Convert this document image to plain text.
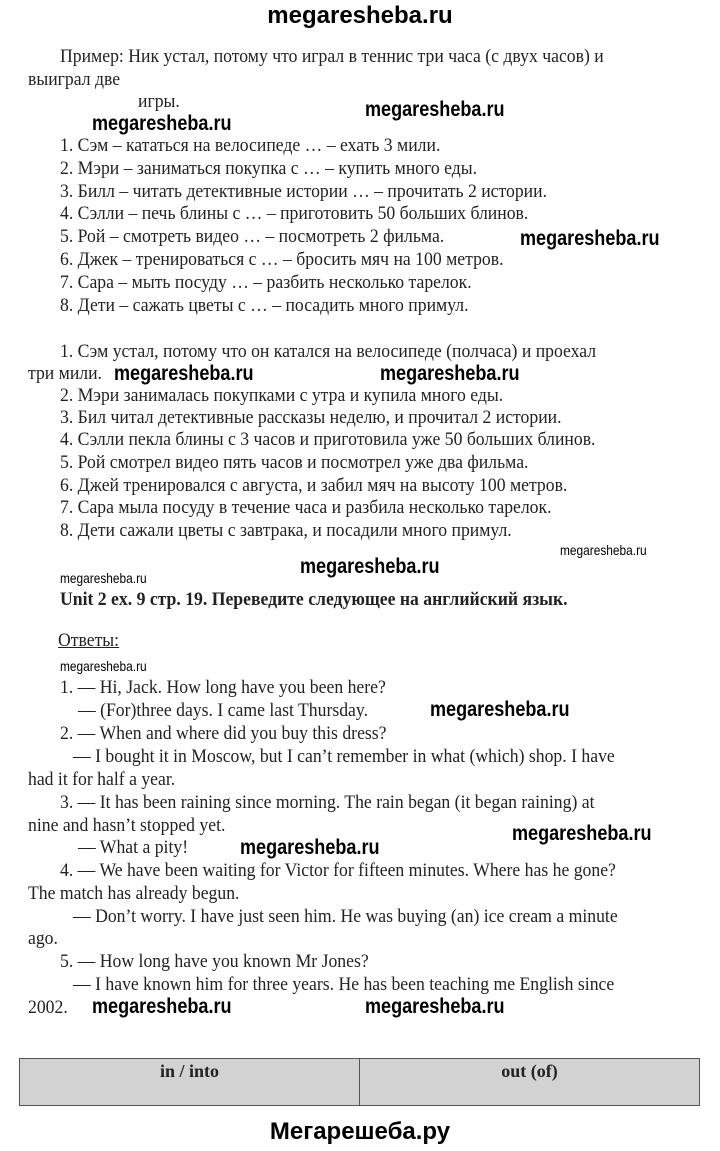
megaresheba.ru
Пример: Ник устал, потому что играл в теннис три часа (с двух часов) и
выиграл две
игры.
1. Сэм – кататься на велосипеде … – ехать 3 мили.
2. Мэри – заниматься покупка с … – купить много еды.
3. Билл – читать детективные истории … – прочитать 2 истории.
4. Сэлли – печь блины с … – приготовить 50 больших блинов.
5. Рой – смотреть видео … – посмотреть 2 фильма.
6. Джек – тренироваться с … – бросить мяч на 100 метров.
7. Сара – мыть посуду … – разбить несколько тарелок.
8. Дети – сажать цветы с … – посадить много примул.
1. Сэм устал, потому что он катался на велосипеде (полчаса) и проехал
три мили.
2. Мэри занималась покупками с утра и купила много еды.
3. Бил читал детективные рассказы неделю, и прочитал 2 истории.
4. Сэлли пекла блины с 3 часов и приготовила уже 50 больших блинов.
5. Рой смотрел видео пять часов и посмотрел уже два фильма.
6. Джей тренировался с августа, и забил мяч на высоту 100 метров.
7. Сара мыла посуду в течение часа и разбила несколько тарелок.
8. Дети сажали цветы с завтрака, и посадили много примул.
Unit 2 ex. 9 стр. 19. Переведите следующее на английский язык.
Ответы:
1. — Hi, Jack. How long have you been here?
— (For)three days. I came last Thursday.
2. — When and where did you buy this dress?
— I bought it in Moscow, but I can’t remember in what (which) shop. I have
had it for half a year.
3. — It has been raining since morning. The rain began (it began raining) at
nine and hasn’t stopped yet.
— What a pity!
4. — We have been waiting for Victor for fifteen minutes. Where has he gone?
The match has already begun.
— Don’t worry. I have just seen him. He was buying (an) ice cream a minute
ago.
5. — How long have you known Mr Jones?
— I have known him for three years. He has been teaching me English since
2002.
megaresheba.ru
megaresheba.ru
megaresheba.ru
megaresheba.ru	megaresheba.ru
megaresheba.ru
megaresheba.ru
megaresheba.ru
megaresheba.ru
megaresheba.ru	megaresheba.ru
megaresheba.ru
megaresheba.ru
megaresheba.ru
in / into	out (of)
Мегарешеба.ру
